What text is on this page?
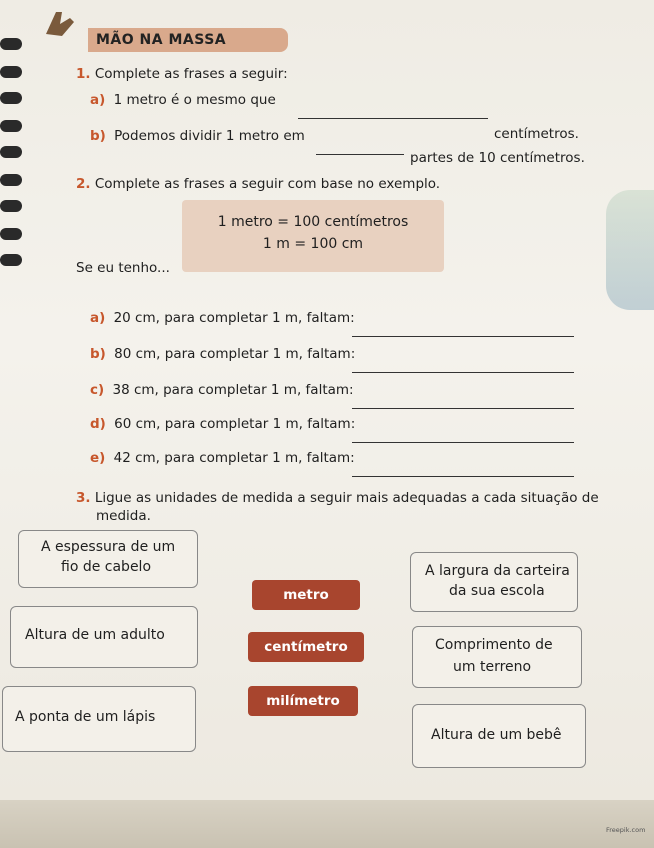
MÃO NA MASSA
1. Complete as frases a seguir:
a) 1 metro é o mesmo que
centímetros.
b) Podemos dividir 1 metro em
partes de 10 centímetros.
2. Complete as frases a seguir com base no exemplo.
1 metro = 100 centímetros
1 m = 100 cm
Se eu tenho...
a) 20 cm, para completar 1 m, faltam:
b) 80 cm, para completar 1 m, faltam:
c) 38 cm, para completar 1 m, faltam:
d) 60 cm, para completar 1 m, faltam:
e) 42 cm, para completar 1 m, faltam:
3. Ligue as unidades de medida a seguir mais adequadas a cada situação de
medida.
A espessura de um
fio de cabelo
Altura de um adulto
A ponta de um lápis
metro
centímetro
milímetro
A largura da carteira
da sua escola
Comprimento de
um terreno
Altura de um bebê
Freepik.com
